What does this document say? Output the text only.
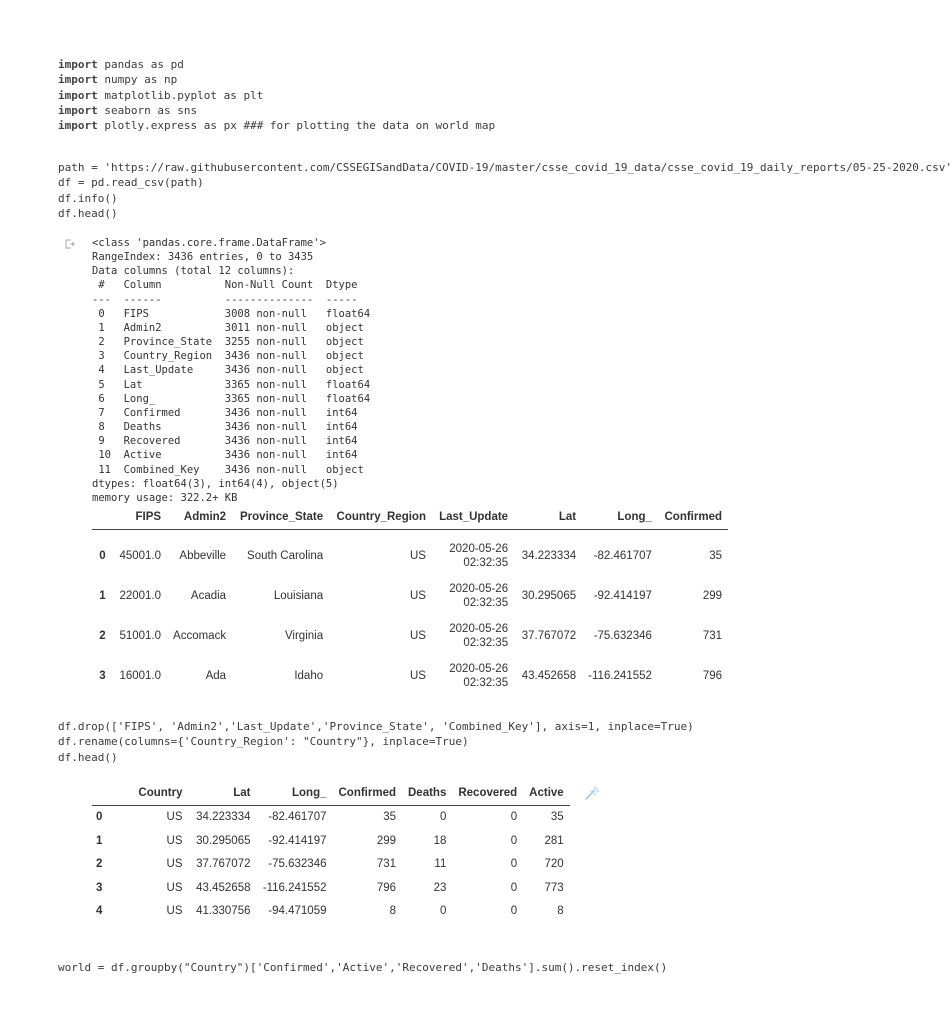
import pandas as pd
import numpy as np
import matplotlib.pyplot as plt
import seaborn as sns
import plotly.express as px ### for plotting the data on world map
path = 'https://raw.githubusercontent.com/CSSEGISandData/COVID-19/master/csse_covid_19_data/csse_covid_19_daily_reports/05-25-2020.csv'
df = pd.read_csv(path)
df.info()
df.head()
<class 'pandas.core.frame.DataFrame'>
RangeIndex: 3436 entries, 0 to 3435
Data columns (total 12 columns):
#   Column          Non-Null Count  Dtype
---  ------          --------------  -----
0   FIPS            3008 non-null   float64
1   Admin2          3011 non-null   object
2   Province_State  3255 non-null   object
3   Country_Region  3436 non-null   object
4   Last_Update     3436 non-null   object
5   Lat             3365 non-null   float64
6   Long_           3365 non-null   float64
7   Confirmed       3436 non-null   int64
8   Deaths          3436 non-null   int64
9   Recovered       3436 non-null   int64
10  Active          3436 non-null   int64
11  Combined_Key    3436 non-null   object
dtypes: float64(3), int64(4), object(5)
memory usage: 322.2+ KB
	FIPS	Admin2	Province_State	Country_Region	Last_Update	Lat	Long_	Confirmed

0	45001.0	Abbeville	South Carolina	US	2020-05-26 02:32:35	34.223334	-82.461707	35
1	22001.0	Acadia	Louisiana	US	2020-05-26 02:32:35	30.295065	-92.414197	299
2	51001.0	Accomack	Virginia	US	2020-05-26 02:32:35	37.767072	-75.632346	731
3	16001.0	Ada	Idaho	US	2020-05-26 02:32:35	43.452658	-116.241552	796
df.drop(['FIPS', 'Admin2','Last_Update','Province_State', 'Combined_Key'], axis=1, inplace=True)
df.rename(columns={'Country_Region': "Country"}, inplace=True)
df.head()
	Country	Lat	Long_	Confirmed	Deaths	Recovered	Active
0	US	34.223334	-82.461707	35	0	0	35
1	US	30.295065	-92.414197	299	18	0	281
2	US	37.767072	-75.632346	731	11	0	720
3	US	43.452658	-116.241552	796	23	0	773
4	US	41.330756	-94.471059	8	0	0	8
world = df.groupby("Country")['Confirmed','Active','Recovered','Deaths'].sum().reset_index()
